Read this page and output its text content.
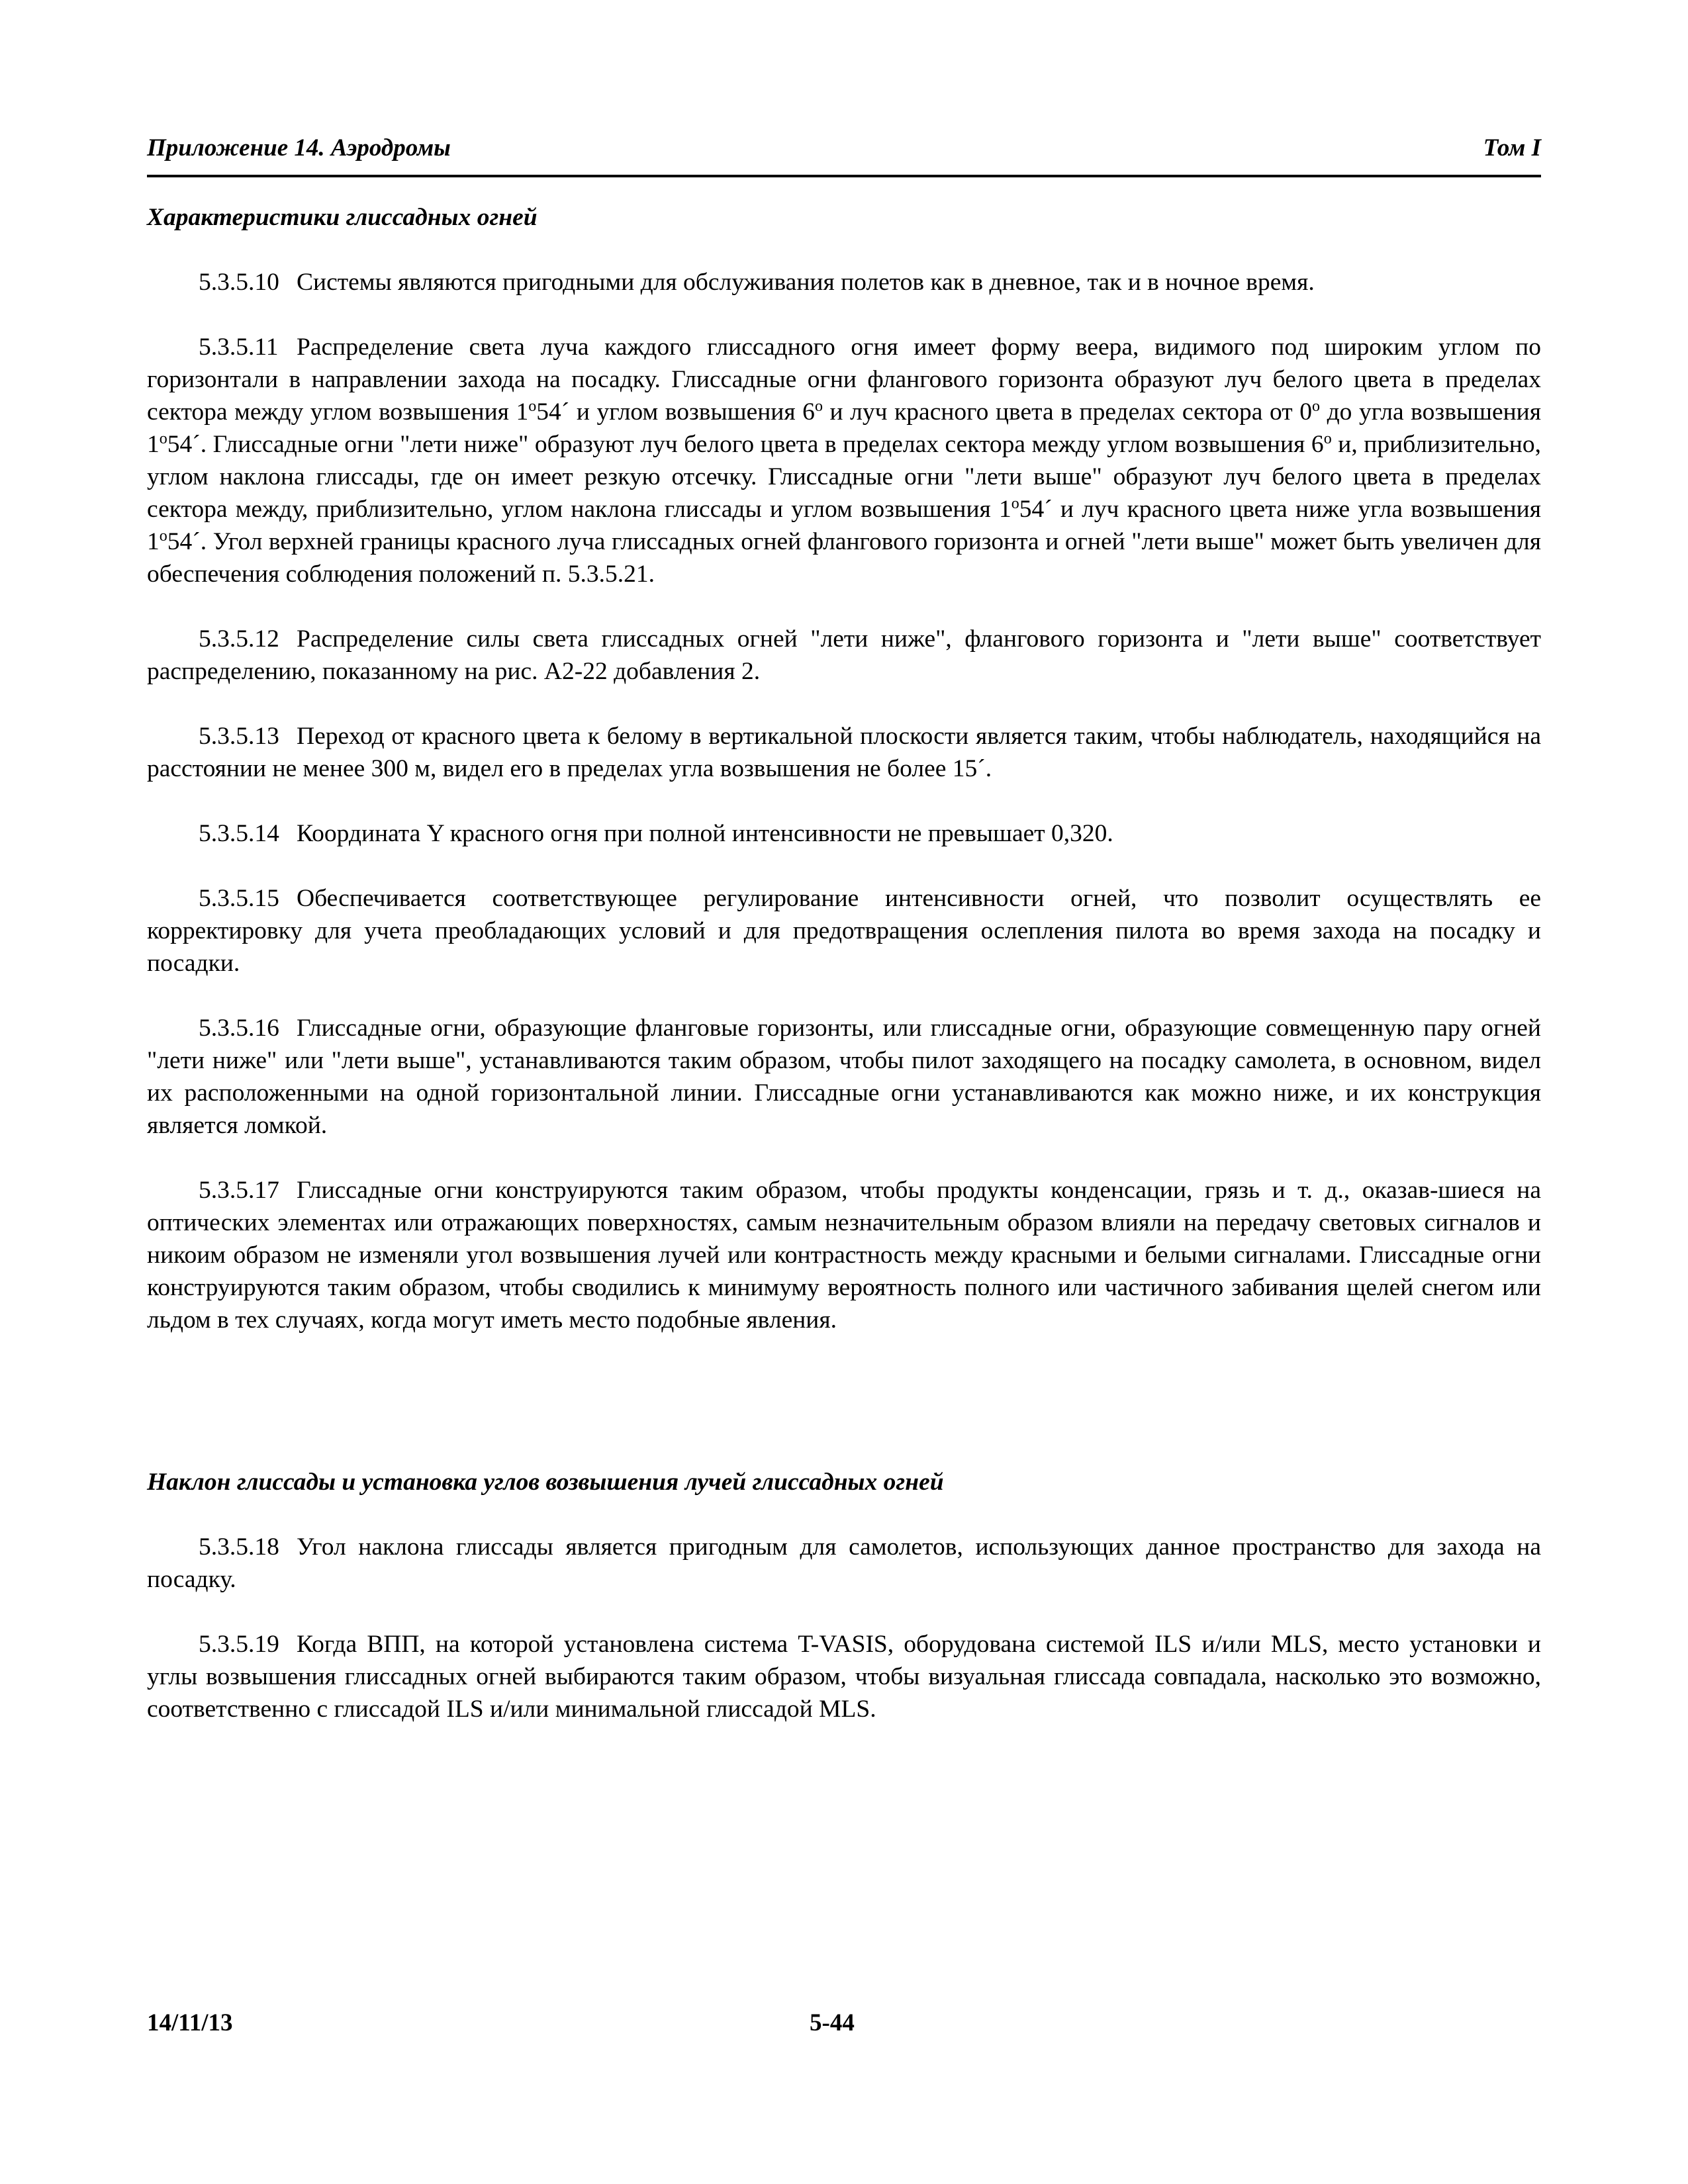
Приложение 14. Аэродромы	Том I

Характеристики глиссадных огней

5.3.5.10 Системы являются пригодными для обслуживания полетов как в дневное, так и в ночное время.

5.3.5.11 Распределение света луча каждого глиссадного огня имеет форму веера, видимого под широким углом по горизонтали в направлении захода на посадку. Глиссадные огни флангового горизонта образуют луч белого цвета в пределах сектора между углом возвышения 1$^o$54´ и углом возвышения 6$^o$ и луч красного цвета в пределах сектора от 0$^o$ до угла возвышения 1$^o$54´. Глиссадные огни "лети ниже" образуют луч белого цвета в пределах сектора между углом возвышения 6$^o$ и, приблизительно, углом наклона глиссады, где он имеет резкую отсечку. Глиссадные огни "лети выше" образуют луч белого цвета в пределах сектора между, приблизительно, углом наклона глиссады и углом возвышения 1$^o$54´ и луч красного цвета ниже угла возвышения 1$^o$54´. Угол верхней границы красного луча глиссадных огней флангового горизонта и огней "лети выше" может быть увеличен для обеспечения соблюдения положений п. 5.3.5.21.

5.3.5.12 Распределение силы света глиссадных огней "лети ниже", флангового горизонта и "лети выше" соответствует распределению, показанному на рис. А2-22 добавления 2.

5.3.5.13 Переход от красного цвета к белому в вертикальной плоскости является таким, чтобы наблюдатель, находящийся на расстоянии не менее 300 м, видел его в пределах угла возвышения не более 15´.

5.3.5.14 Координата Y красного огня при полной интенсивности не превышает 0,320.

5.3.5.15 Обеспечивается соответствующее регулирование интенсивности огней, что позволит осуществлять ее корректировку для учета преобладающих условий и для предотвращения ослепления пилота во время захода на посадку и посадки.

5.3.5.16 Глиссадные огни, образующие фланговые горизонты, или глиссадные огни, образующие совмещенную пару огней "лети ниже" или "лети выше", устанавливаются таким образом, чтобы пилот заходящего на посадку самолета, в основном, видел их расположенными на одной горизонтальной линии. Глиссадные огни устанавливаются как можно ниже, и их конструкция является ломкой.

5.3.5.17 Глиссадные огни конструируются таким образом, чтобы продукты конденсации, грязь и т. д., оказав-шиеся на оптических элементах или отражающих поверхностях, самым незначительным образом влияли на передачу световых сигналов и никоим образом не изменяли угол возвышения лучей или контрастность между красными и белыми сигналами. Глиссадные огни конструируются таким образом, чтобы сводились к минимуму вероятность полного или частичного забивания щелей снегом или льдом в тех случаях, когда могут иметь место подобные явления.

Наклон глиссады и установка углов возвышения лучей глиссадных огней

5.3.5.18 Угол наклона глиссады является пригодным для самолетов, использующих данное пространство для захода на посадку.

5.3.5.19 Когда ВПП, на которой установлена система T-VASIS, оборудована системой ILS и/или MLS, место установки и углы возвышения глиссадных огней выбираются таким образом, чтобы визуальная глиссада совпадала, насколько это возможно, соответственно с глиссадой ILS и/или минимальной глиссадой MLS.

14/11/13	5-44
